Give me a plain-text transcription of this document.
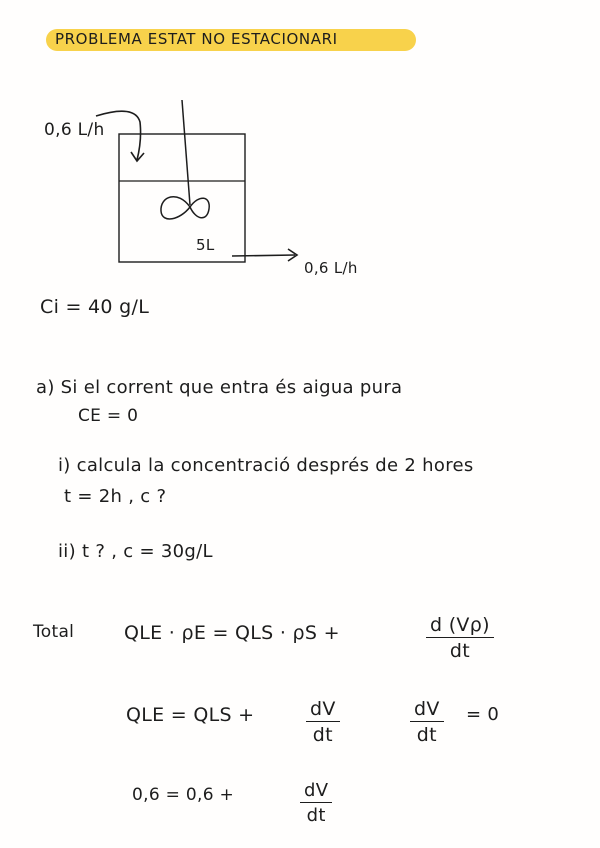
PROBLEMA ESTAT NO ESTACIONARI
0,6 L/h
5L
0,6 L/h
Ci = 40 g/L
a) Si el corrent que entra és aigua pura
CE = 0
i) calcula la concentració després de 2 hores
t = 2h , c ?
ii) t ? , c = 30g/L
Total	QLE · ρE = QLS · ρS +	d (Vρ)
dt
QLE = QLS +	dV
dt
dV
dt
= 0
0,6 = 0,6 +	dV
dt
